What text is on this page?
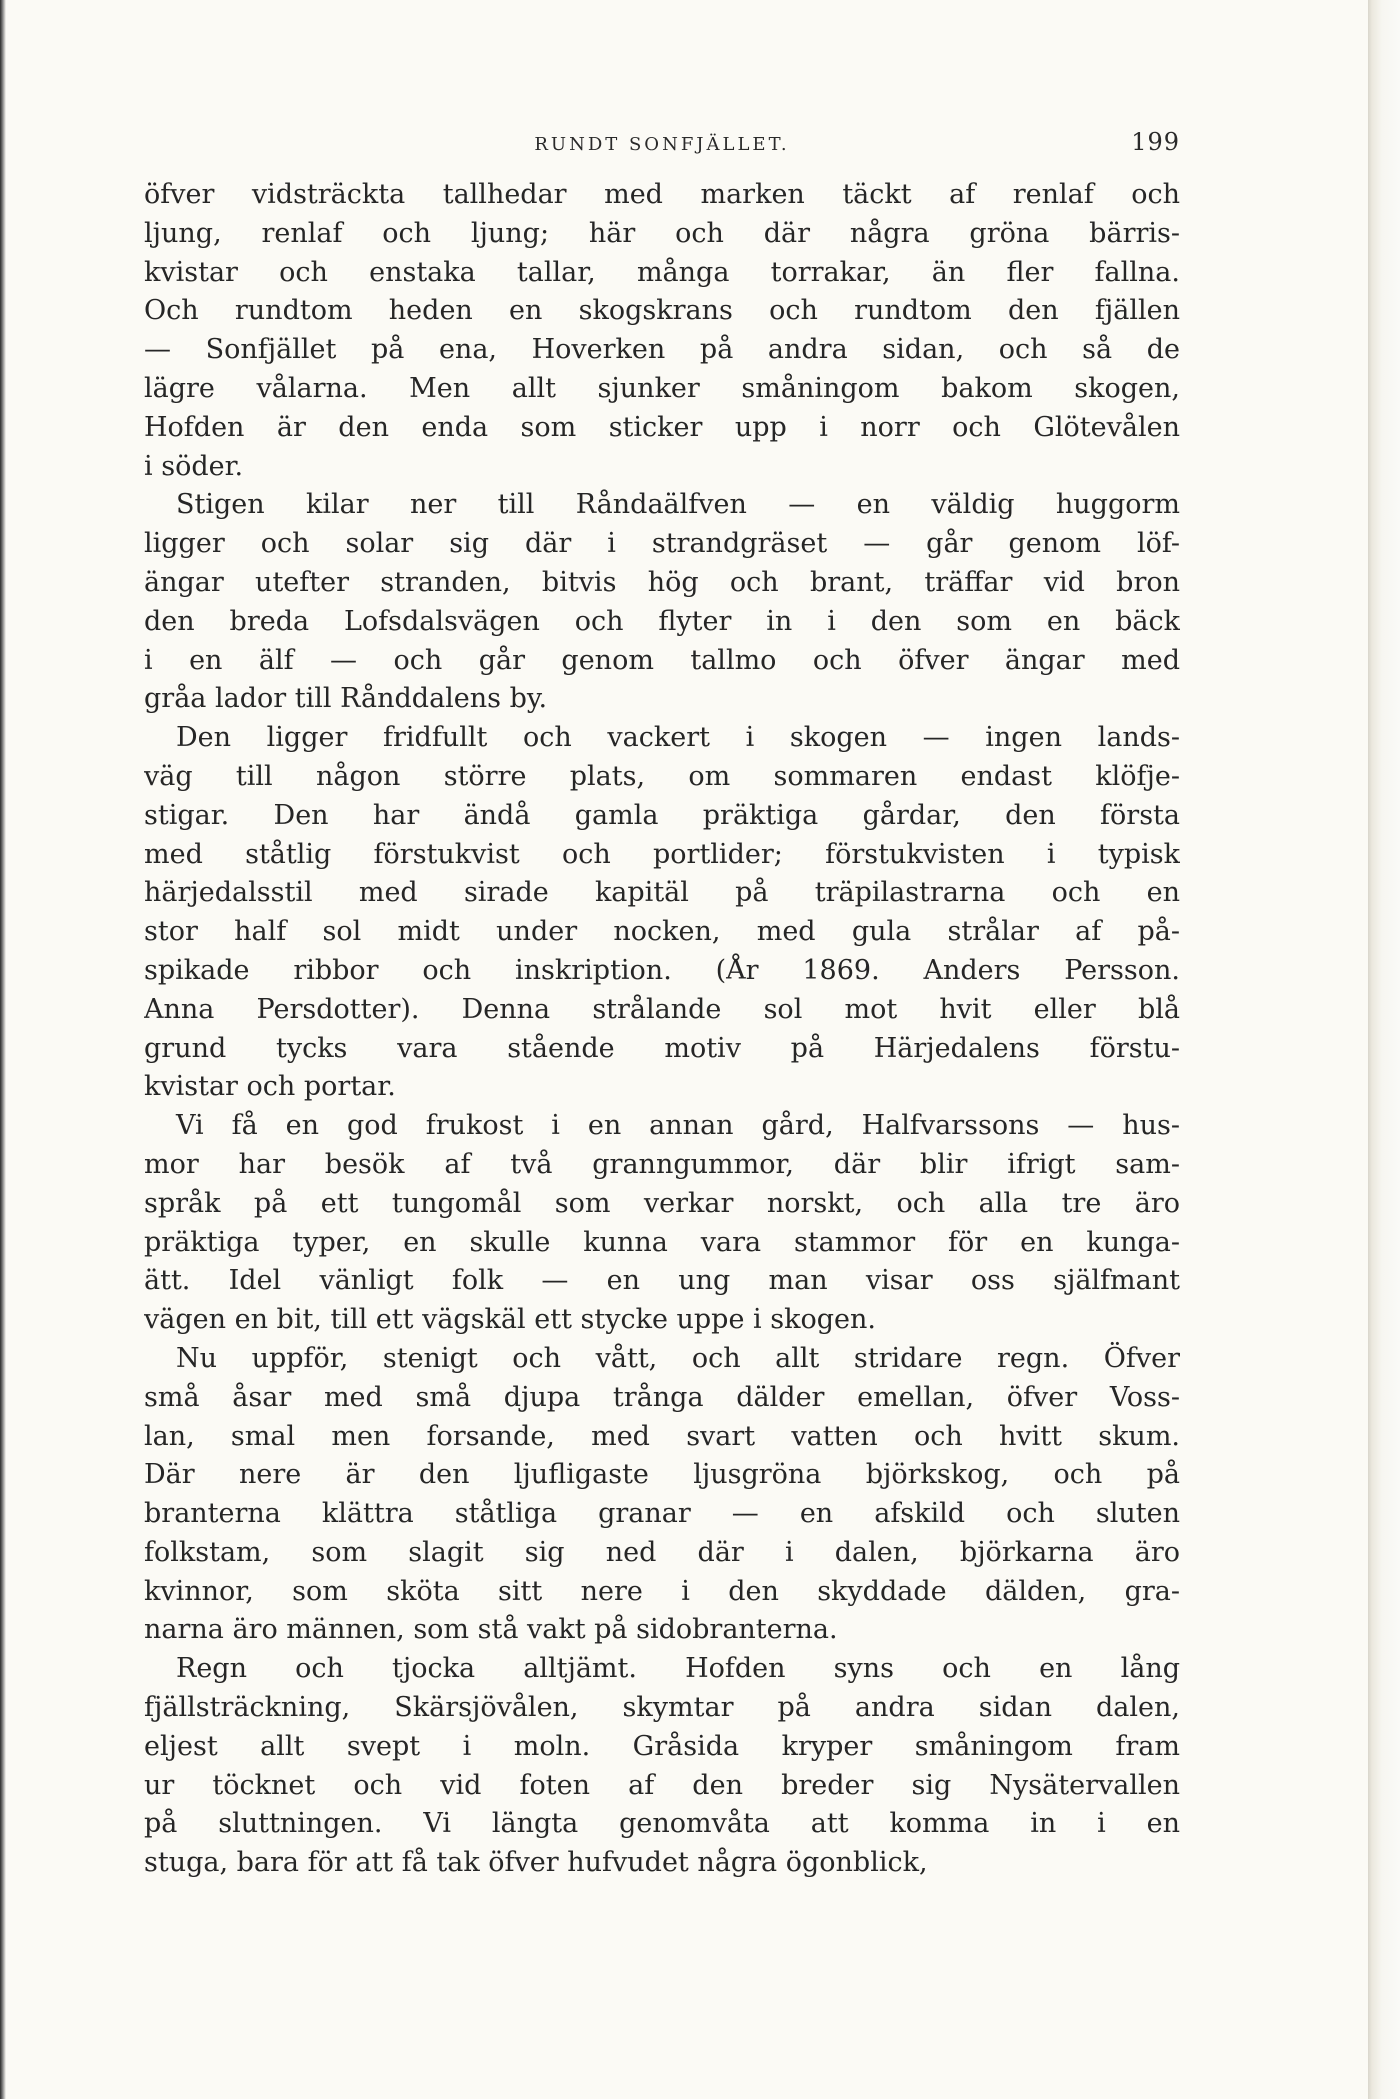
RUNDT SONFJÄLLET.	199
öfver vidsträckta tallhedar med marken täckt af renlaf och
ljung, renlaf och ljung; här och där några gröna bärris-
kvistar och enstaka tallar, många torrakar, än fler fallna.
Och rundtom heden en skogskrans och rundtom den fjällen
— Sonfjället på ena, Hoverken på andra sidan, och så de
lägre vålarna. Men allt sjunker småningom bakom skogen,
Hofden är den enda som sticker upp i norr och Glötevålen
i söder.
Stigen kilar ner till Råndaälfven — en väldig huggorm
ligger och solar sig där i strandgräset — går genom löf-
ängar utefter stranden, bitvis hög och brant, träffar vid bron
den breda Lofsdalsvägen och flyter in i den som en bäck
i en älf — och går genom tallmo och öfver ängar med
gråa lador till Rånddalens by.
Den ligger fridfullt och vackert i skogen — ingen lands-
väg till någon större plats, om sommaren endast klöfje-
stigar. Den har ändå gamla präktiga gårdar, den första
med ståtlig förstukvist och portlider; förstukvisten i typisk
härjedalsstil med sirade kapitäl på träpilastrarna och en
stor half sol midt under nocken, med gula strålar af på-
spikade ribbor och inskription. (År 1869. Anders Persson.
Anna Persdotter). Denna strålande sol mot hvit eller blå
grund tycks vara stående motiv på Härjedalens förstu-
kvistar och portar.
Vi få en god frukost i en annan gård, Halfvarssons — hus-
mor har besök af två granngummor, där blir ifrigt sam-
språk på ett tungomål som verkar norskt, och alla tre äro
präktiga typer, en skulle kunna vara stammor för en kunga-
ätt. Idel vänligt folk — en ung man visar oss själfmant
vägen en bit, till ett vägskäl ett stycke uppe i skogen.
Nu uppför, stenigt och vått, och allt stridare regn. Öfver
små åsar med små djupa trånga dälder emellan, öfver Voss-
lan, smal men forsande, med svart vatten och hvitt skum.
Där nere är den ljufligaste ljusgröna björkskog, och på
branterna klättra ståtliga granar — en afskild och sluten
folkstam, som slagit sig ned där i dalen, björkarna äro
kvinnor, som sköta sitt nere i den skyddade dälden, gra-
narna äro männen, som stå vakt på sidobranterna.
Regn och tjocka alltjämt. Hofden syns och en lång
fjällsträckning, Skärsjövålen, skymtar på andra sidan dalen,
eljest allt svept i moln. Gråsida kryper småningom fram
ur töcknet och vid foten af den breder sig Nysätervallen
på sluttningen. Vi längta genomvåta att komma in i en
stuga, bara för att få tak öfver hufvudet några ögonblick,
